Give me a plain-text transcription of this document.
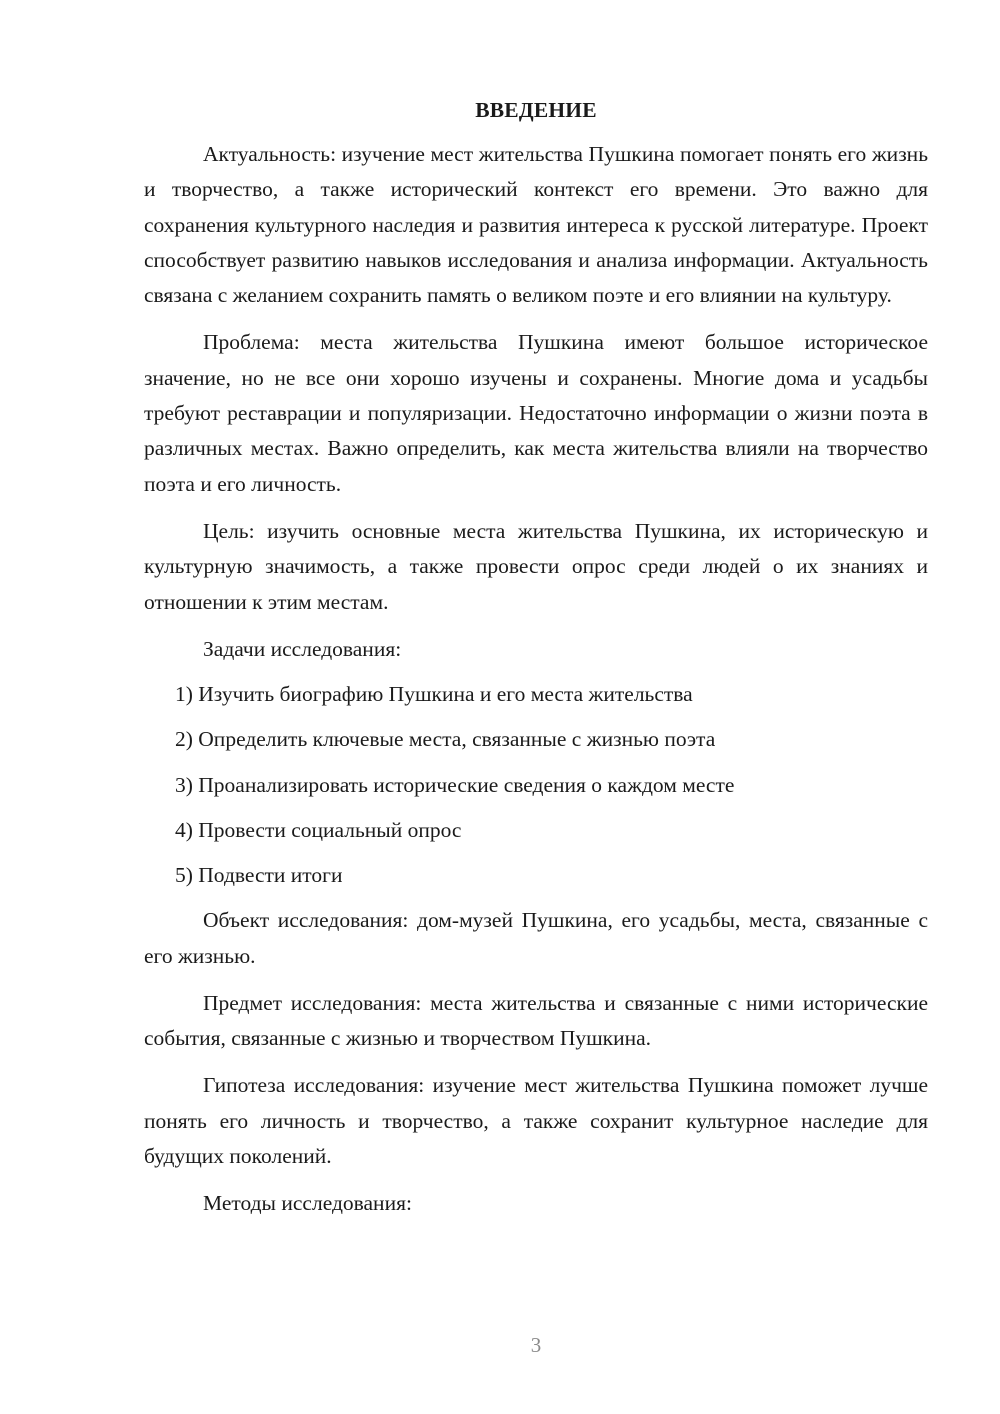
ВВЕДЕНИЕ

Актуальность: изучение мест жительства Пушкина помогает понять его жизнь и творчество, а также исторический контекст его времени. Это важно для сохранения культурного наследия и развития интереса к русской литературе. Проект способствует развитию навыков исследования и анализа информации. Актуальность связана с желанием сохранить память о великом поэте и его влиянии на культуру.

Проблема: места жительства Пушкина имеют большое историческое значение, но не все они хорошо изучены и сохранены. Многие дома и усадьбы требуют реставрации и популяризации. Недостаточно информации о жизни поэта в различных местах. Важно определить, как места жительства влияли на творчество поэта и его личность.

Цель: изучить основные места жительства Пушкина, их историческую и культурную значимость, а также провести опрос среди людей о их знаниях и отношении к этим местам.

Задачи исследования:

1) Изучить биографию Пушкина и его места жительства
2) Определить ключевые места, связанные с жизнью поэта
3) Проанализировать исторические сведения о каждом месте
4) Провести социальный опрос
5) Подвести итоги

Объект исследования: дом-музей Пушкина, его усадьбы, места, связанные с его жизнью.

Предмет исследования: места жительства и связанные с ними исторические события, связанные с жизнью и творчеством Пушкина.

Гипотеза исследования: изучение мест жительства Пушкина поможет лучше понять его личность и творчество, а также сохранит культурное наследие для будущих поколений.

Методы исследования:

3
